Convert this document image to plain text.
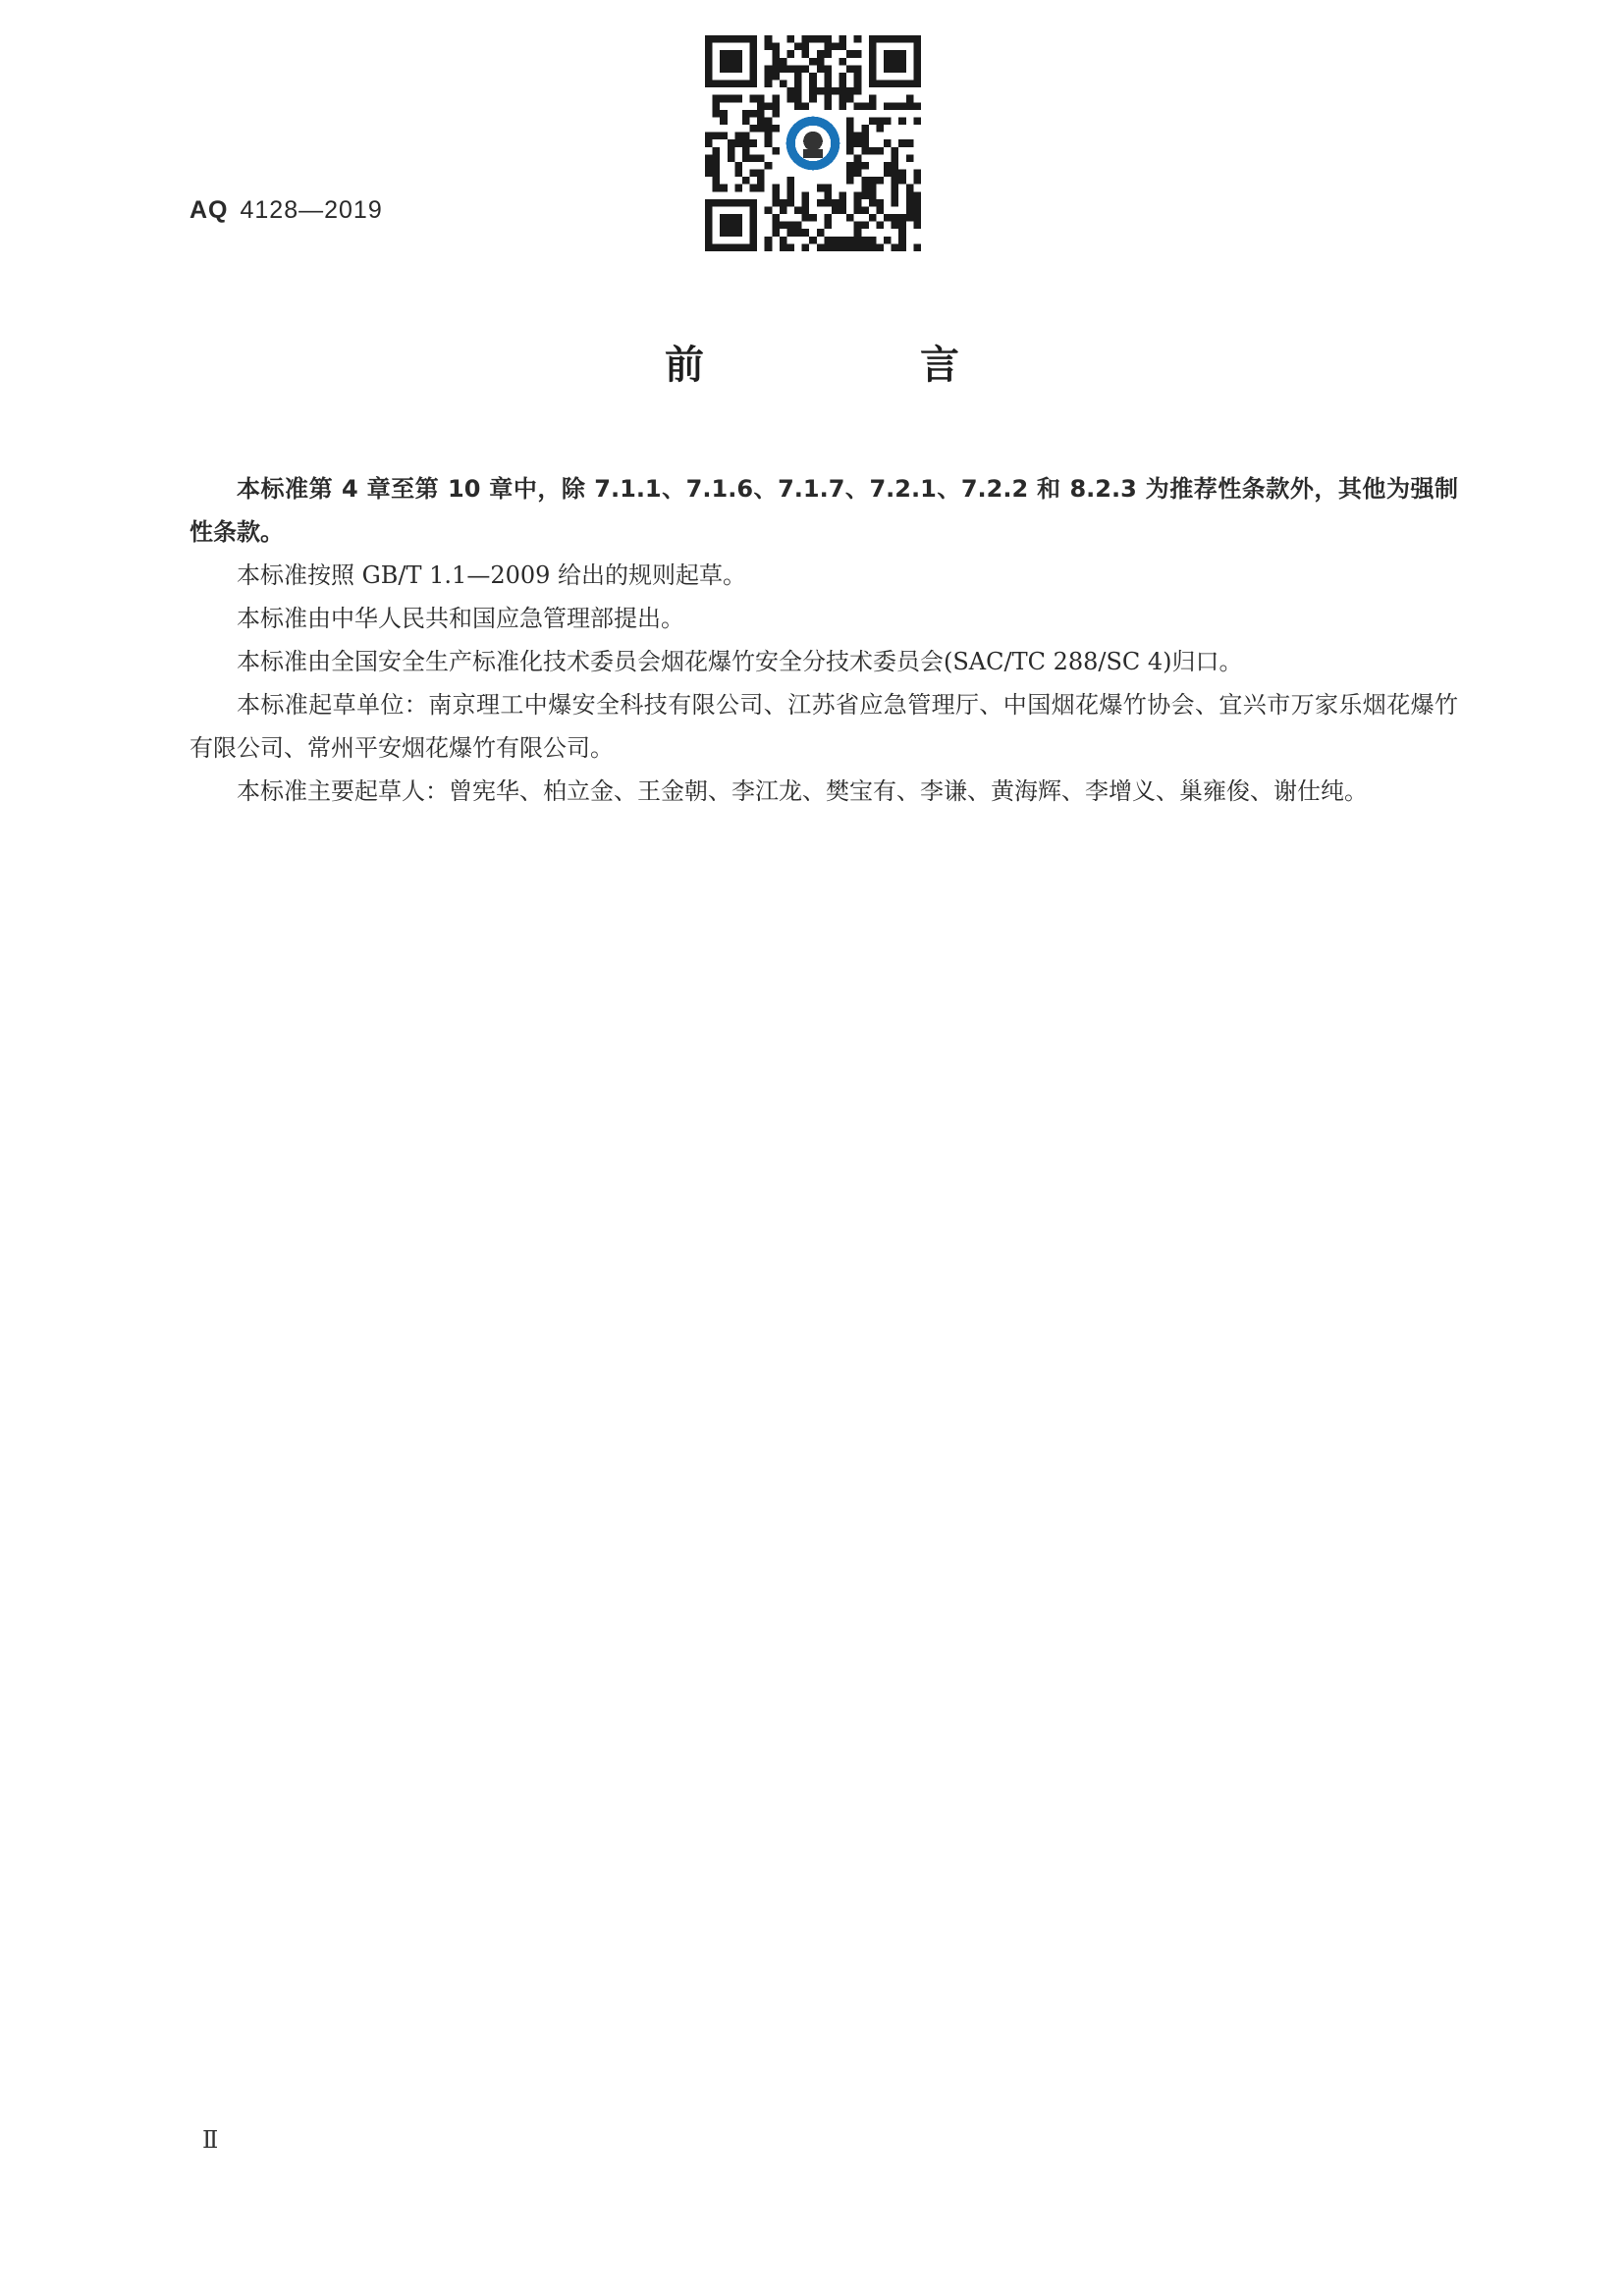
AQ 4128—2019
前　言

本标准第 4 章至第 10 章中，除 7.1.1、7.1.6、7.1.7、7.2.1、7.2.2 和 8.2.3 为推荐性条款外，其他为强制性条款。

本标准按照 GB/T 1.1—2009 给出的规则起草。

本标准由中华人民共和国应急管理部提出。

本标准由全国安全生产标准化技术委员会烟花爆竹安全分技术委员会(SAC/TC 288/SC 4)归口。

本标准起草单位：南京理工中爆安全科技有限公司、江苏省应急管理厅、中国烟花爆竹协会、宜兴市万家乐烟花爆竹有限公司、常州平安烟花爆竹有限公司。

本标准主要起草人：曾宪华、柏立金、王金朝、李江龙、樊宝有、李谦、黄海辉、李增义、巢雍俊、谢仕纯。

Ⅱ
